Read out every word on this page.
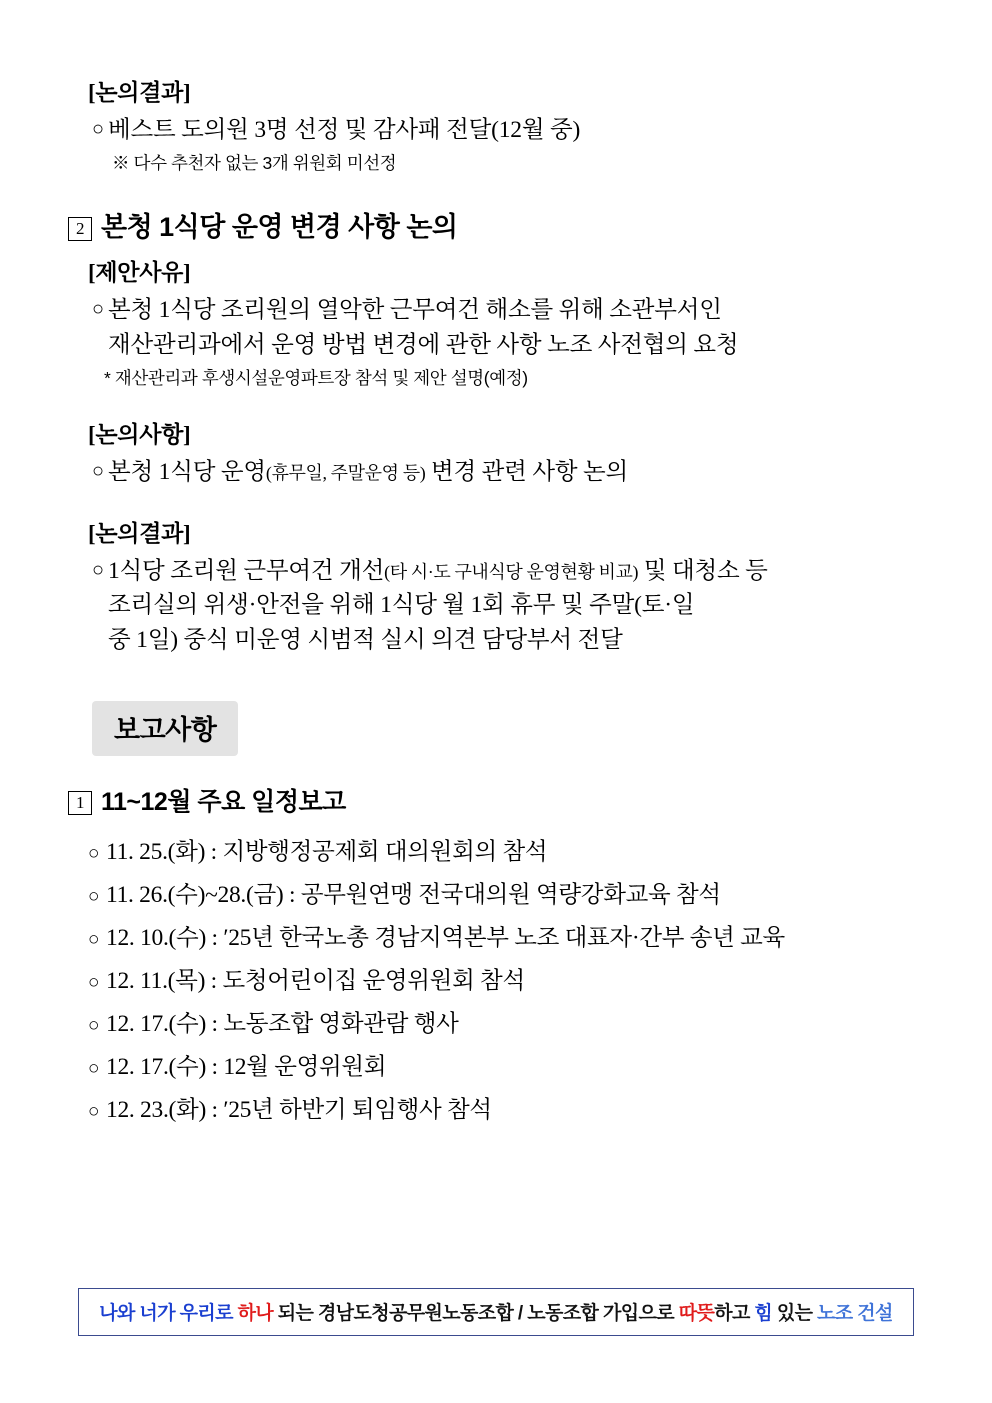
[논의결과]
○ 베스트 도의원 3명 선정 및 감사패 전달(12월 중)
※ 다수 추천자 없는 3개 위원회 미선정
2 본청 1식당 운영 변경 사항 논의
[제안사유]
○ 본청 1식당 조리원의 열악한 근무여건 해소를 위해 소관부서인
재산관리과에서 운영 방법 변경에 관한 사항 노조 사전협의 요청
* 재산관리과 후생시설운영파트장 참석 및 제안 설명(예정)
[논의사항]
○ 본청 1식당 운영(휴무일, 주말운영 등) 변경 관련 사항 논의
[논의결과]
○ 1식당 조리원 근무여건 개선(타 시·도 구내식당 운영현황 비교) 및 대청소 등
조리실의 위생·안전을 위해 1식당 월 1회 휴무 및 주말(토·일
중 1일) 중식 미운영 시범적 실시 의견 담당부서 전달
보고사항
1 11~12월 주요 일정보고
○ 11. 25.(화) : 지방행정공제회 대의원회의 참석
○ 11. 26.(수)~28.(금) : 공무원연맹 전국대의원 역량강화교육 참석
○ 12. 10.(수) : ′25년 한국노총 경남지역본부 노조 대표자·간부 송년 교육
○ 12. 11.(목) : 도청어린이집 운영위원회 참석
○ 12. 17.(수) : 노동조합 영화관람 행사
○ 12. 17.(수) : 12월 운영위원회
○ 12. 23.(화) : ′25년 하반기 퇴임행사 참석
나와 너가 우리로 하나 되는 경남도청공무원노동조합 / 노동조합 가입으로 따뜻하고 힘 있는 노조 건설
